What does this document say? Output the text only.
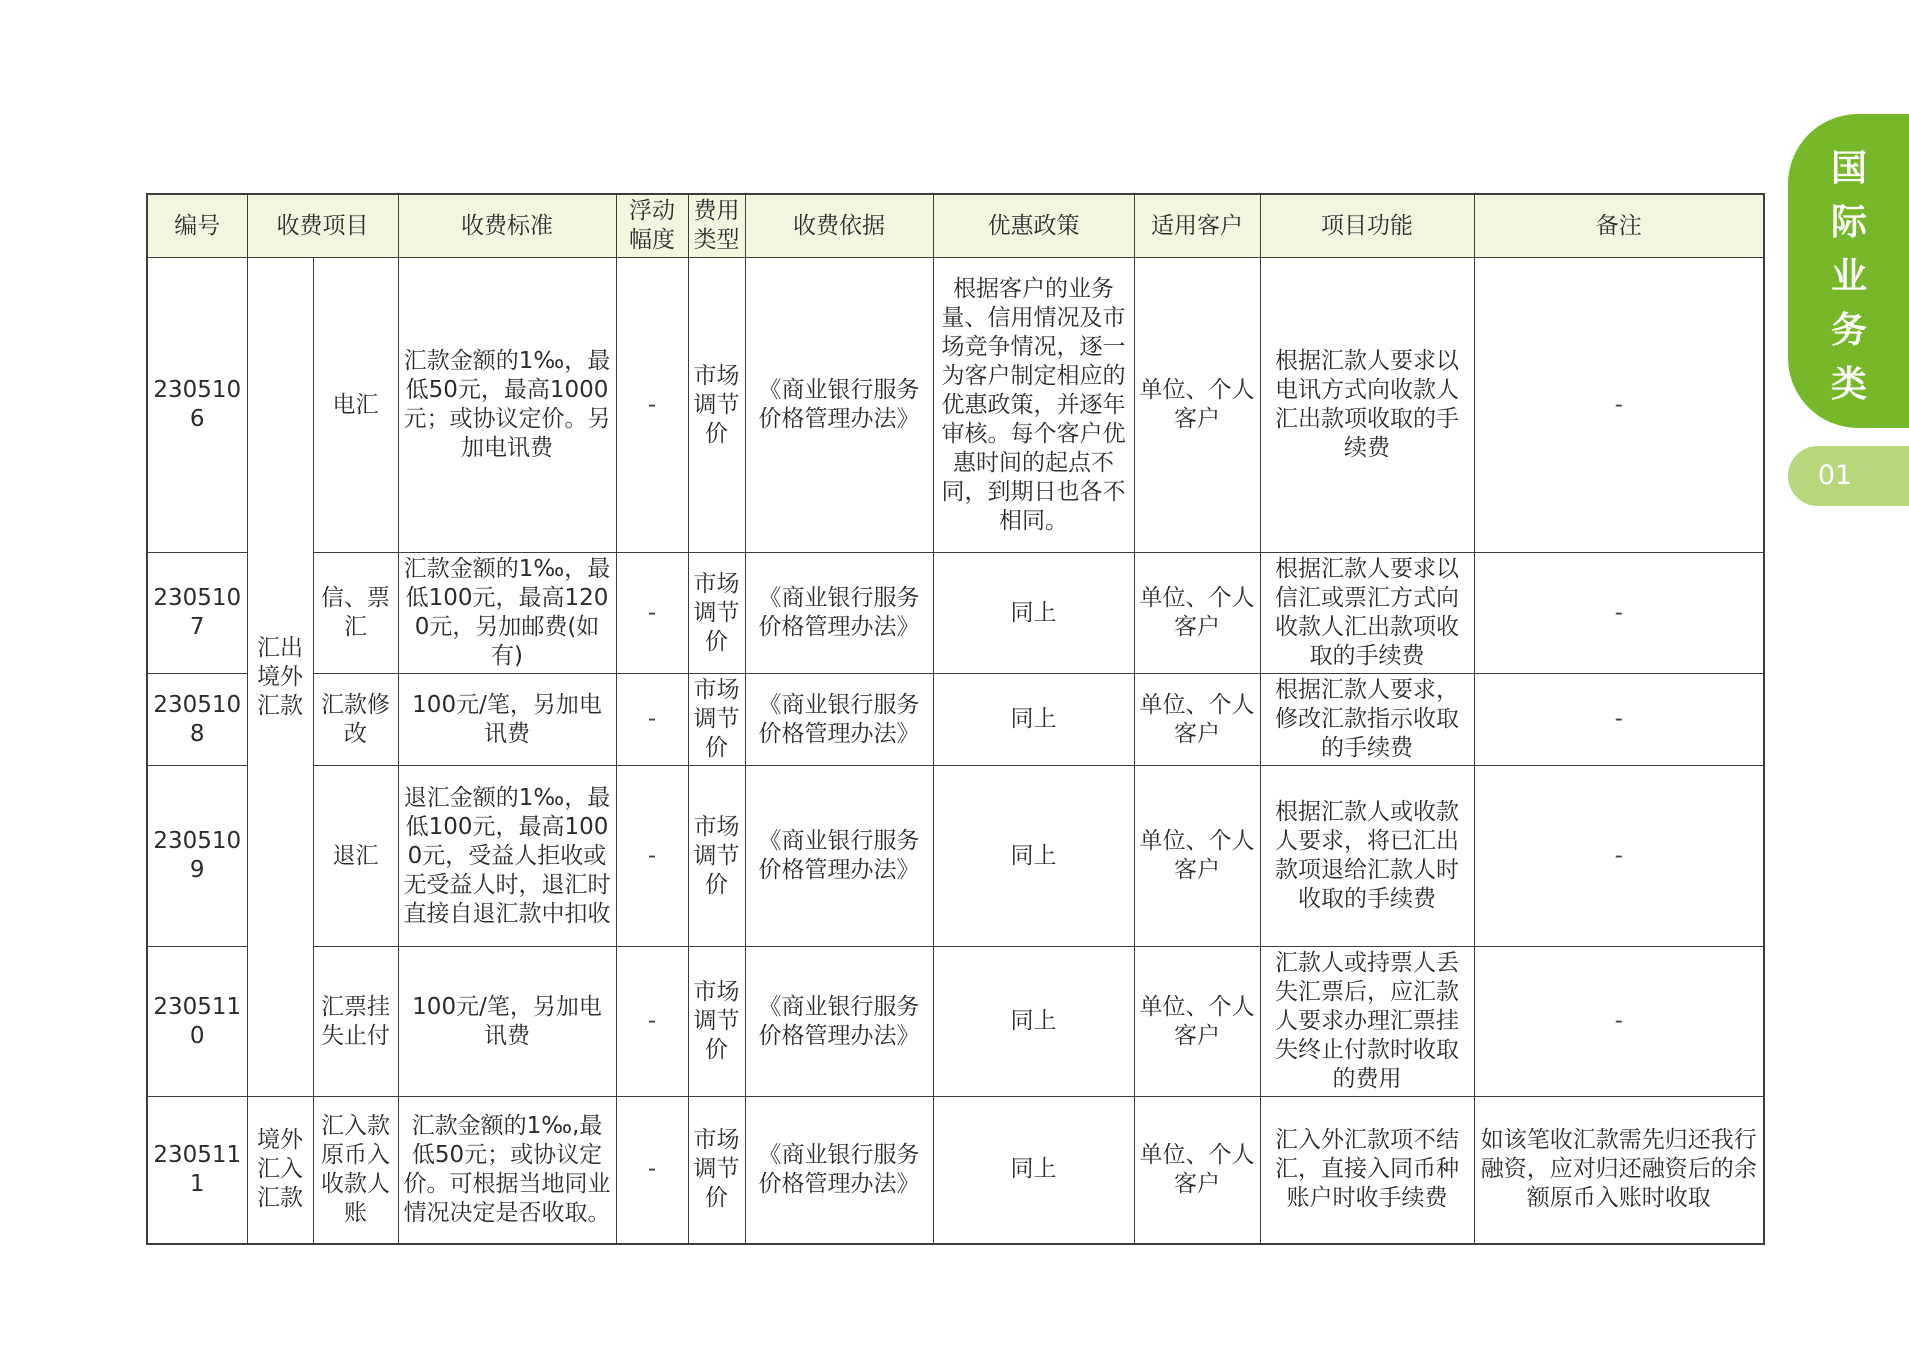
国
际
业
务
类
01
编号	收费项目		收费标准	浮动幅度	费用类型	收费依据	优惠政策	适用客户	项目功能	备注
2305106	汇出境外汇款	电汇	汇款金额的1‰，最低50元，最高1000元；或协议定价。另加电讯费	-	市场调节价	《商业银行服务价格管理办法》	根据客户的业务量、信用情况及市场竞争情况，逐一为客户制定相应的优惠政策，并逐年审核。每个客户优惠时间的起点不同，到期日也各不相同。	单位、个人客户	根据汇款人要求以电讯方式向收款人汇出款项收取的手续费	-
2305107		信、票汇	汇款金额的1‰，最低100元，最高1200元，另加邮费(如有)	-	市场调节价	《商业银行服务价格管理办法》	同上	单位、个人客户	根据汇款人要求以信汇或票汇方式向收款人汇出款项收取的手续费	-
2305108		汇款修改	100元/笔，另加电讯费	-	市场调节价	《商业银行服务价格管理办法》	同上	单位、个人客户	根据汇款人要求，修改汇款指示收取的手续费	-
2305109		退汇	退汇金额的1‰，最低100元，最高1000元，受益人拒收或无受益人时，退汇时直接自退汇款中扣收	-	市场调节价	《商业银行服务价格管理办法》	同上	单位、个人客户	根据汇款人或收款人要求，将已汇出款项退给汇款人时收取的手续费	-
2305110		汇票挂失止付	100元/笔，另加电讯费	-	市场调节价	《商业银行服务价格管理办法》	同上	单位、个人客户	汇款人或持票人丢失汇票后，应汇款人要求办理汇票挂失终止付款时收取的费用	-
2305111	境外汇入汇款	汇入款原币入收款人账	汇款金额的1‰,最低50元；或协议定价。可根据当地同业情况决定是否收取。	-	市场调节价	《商业银行服务价格管理办法》	同上	单位、个人客户	汇入外汇款项不结汇，直接入同币种账户时收手续费	如该笔收汇款需先归还我行融资，应对归还融资后的余额原币入账时收取
